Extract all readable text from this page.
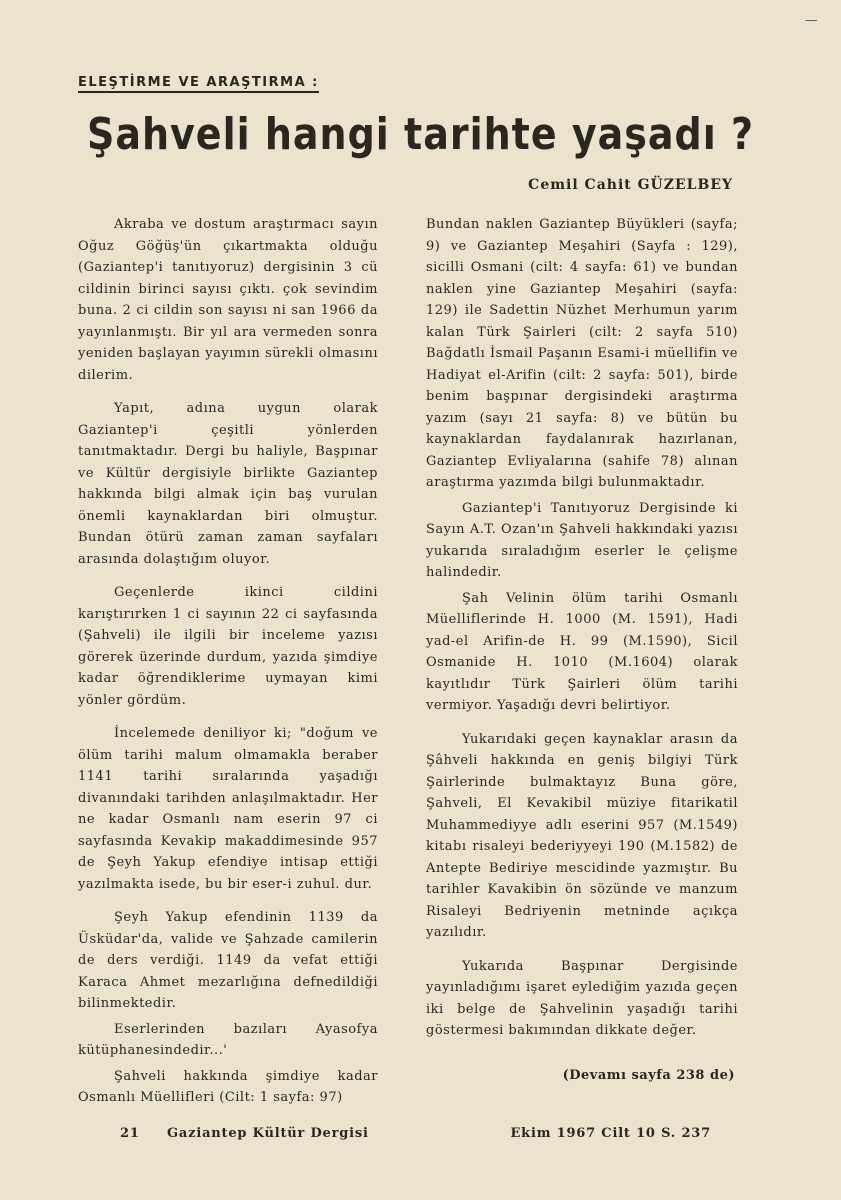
ELEŞTİRME VE ARAŞTIRMA :
Şahveli hangi tarihte yaşadı ?
Cemil Cahit GÜZELBEY

Akraba ve dostum araştırmacı sayın Oğuz Göğüş'ün çıkartmakta olduğu (Gaziantep'i tanıtıyoruz) dergisinin 3 cü cildinin birinci sayısı çıktı. çok sevindim buna. 2 ci cildin son sayısı ni san 1966 da yayınlanmıştı. Bir yıl ara vermeden sonra yeniden başlayan yayımın sürekli olmasını dilerim.

Yapıt, adına uygun olarak Gaziantep'i çeşitli yönlerden tanıtmaktadır. Dergi bu haliyle, Başpınar ve Kültür dergisiyle birlikte Gaziantep hakkında bilgi almak için baş vurulan önemli kaynaklardan biri olmuştur. Bundan ötürü zaman zaman sayfaları arasında dolaştığım oluyor.

Geçenlerde ikinci cildini karıştırırken 1 ci sayının 22 ci sayfasında (Şahveli) ile ilgili bir inceleme yazısı görerek üzerinde durdum, yazıda şimdiye kadar öğrendiklerime uymayan kimi yönler gördüm.

İncelemede deniliyor ki; "doğum ve ölüm tarihi malum olmamakla beraber 1141 tarihi sıralarında yaşadığı divanındaki tarihden anlaşılmaktadır. Her ne kadar Osmanlı nam eserin 97 ci sayfasında Kevakip makaddimesinde 957 de Şeyh Yakup efendiye intisap ettiği yazılmakta isede, bu bir eser-i zuhul. dur.

Şeyh Yakup efendinin 1139 da Üsküdar'da, valide ve Şahzade camilerin de ders verdiği. 1149 da vefat ettiği Karaca Ahmet mezarlığına defnedildiği bilinmektedir.

Eserlerinden bazıları Ayasofya kütüphanesindedir...'

Şahveli hakkında şimdiye kadar Osmanlı Müellifleri (Cilt: 1 sayfa: 97)

Bundan naklen Gaziantep Büyükleri (sayfa; 9) ve Gaziantep Meşahiri (Sayfa : 129), sicilli Osmani (cilt: 4 sayfa: 61) ve bundan naklen yine Gaziantep Meşahiri (sayfa: 129) ile Sadettin Nüzhet Merhumun yarım kalan Türk Şairleri (cilt: 2 sayfa 510) Bağdatlı İsmail Paşanın Esami-i müellifin ve Hadiyat el-Arifin (cilt: 2 sayfa: 501), birde benim başpınar dergisindeki araştırma yazım (sayı 21 sayfa: 8) ve bütün bu kaynaklardan faydalanırak hazırlanan, Gaziantep Evliyalarına (sahife 78) alınan araştırma yazımda bilgi bulunmaktadır.

Gaziantep'i Tanıtıyoruz Dergisinde ki Sayın A.T. Ozan'ın Şahveli hakkındaki yazısı yukarıda sıraladığım eserler le çelişme halindedir.

Şah Velinin ölüm tarihi Osmanlı Müelliflerinde H. 1000 (M. 1591), Hadi yad-el Arifin-de H. 99 (M.1590), Sicil Osmanide H. 1010 (M.1604) olarak kayıtlıdır Türk Şairleri ölüm tarihi vermiyor. Yaşadığı devri belirtiyor.

Yukarıdaki geçen kaynaklar arasın da Şâhveli hakkında en geniş bilgiyi Türk Şairlerinde bulmaktayız Buna göre, Şahveli, El Kevakibil müziye fitarikatil Muhammediyye adlı eserini 957 (M.1549) kitabı risaleyi bederiyyeyi 190 (M.1582) de Antepte Bediriye mescidinde yazmıştır. Bu tarihler Kavakibin ön sözünde ve manzum Risaleyi Bedriyenin metninde açıkça yazılıdır.

Yukarıda Başpınar Dergisinde yayınladığımı işaret eylediğim yazıda geçen iki belge de Şahvelinin yaşadığı tarihi göstermesi bakımından dikkate değer.

(Devamı sayfa 238 de)
21 Gaziantep Kültür Dergisi	Ekim 1967 Cilt 10 S. 237
